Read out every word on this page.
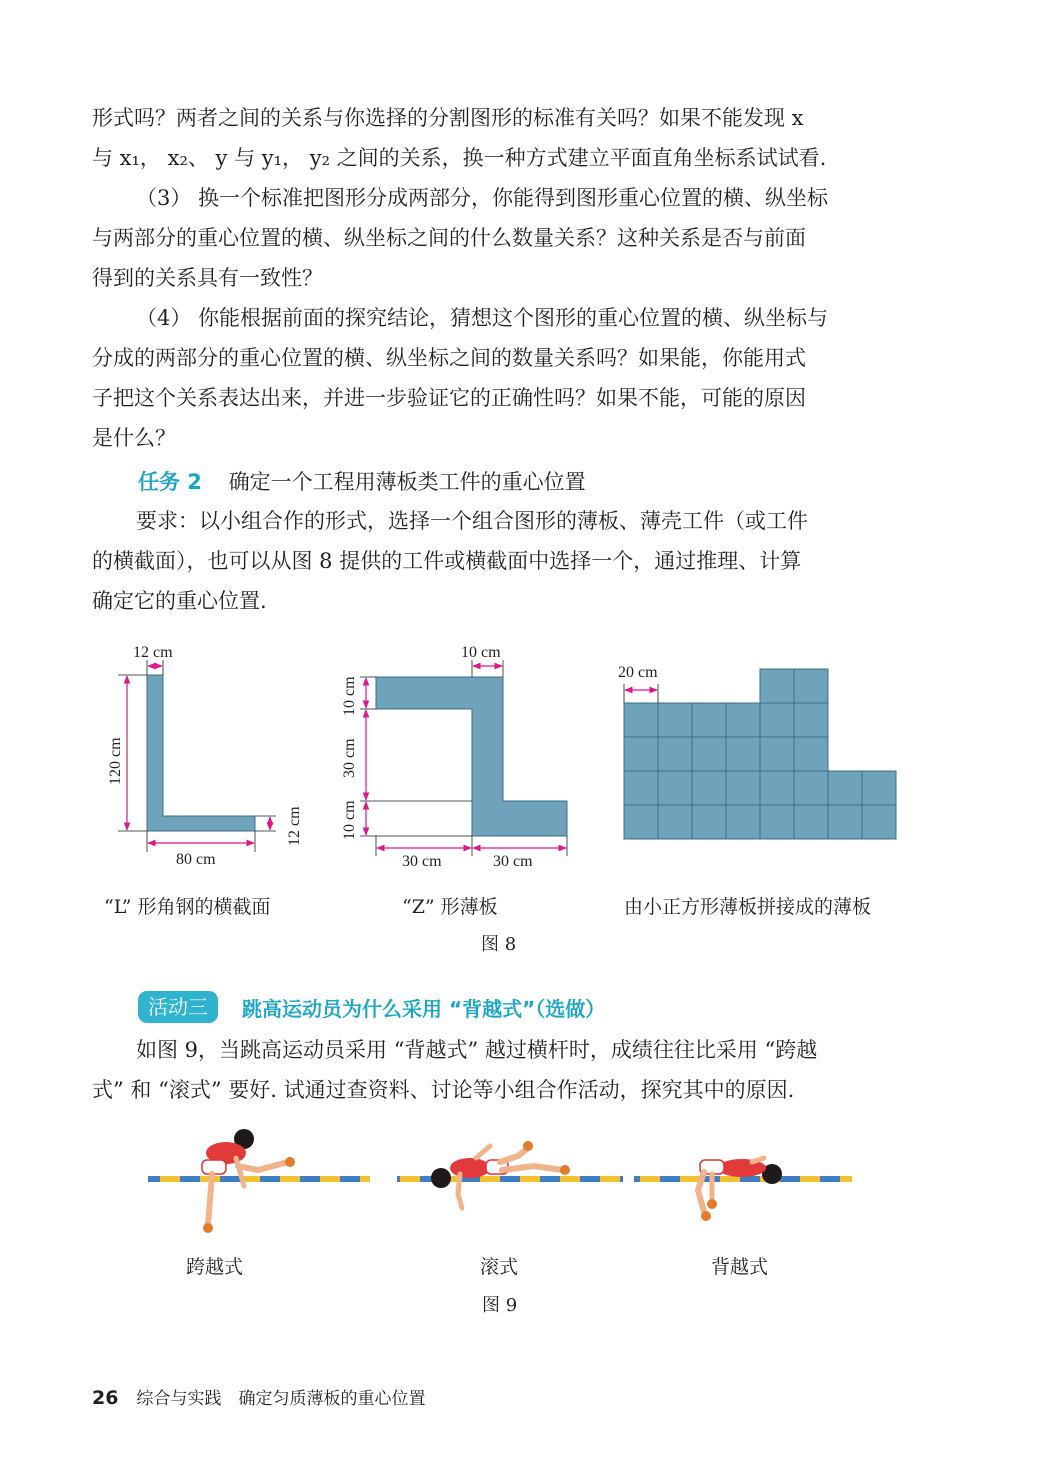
形式吗？两者之间的关系与你选择的分割图形的标准有关吗？如果不能发现 x
与 x₁， x₂、 y 与 y₁， y₂ 之间的关系，换一种方式建立平面直角坐标系试试看.
（3） 换一个标准把图形分成两部分，你能得到图形重心位置的横、纵坐标
与两部分的重心位置的横、纵坐标之间的什么数量关系？这种关系是否与前面
得到的关系具有一致性？
（4） 你能根据前面的探究结论，猜想这个图形的重心位置的横、纵坐标与
分成的两部分的重心位置的横、纵坐标之间的数量关系吗？如果能，你能用式
子把这个关系表达出来，并进一步验证它的正确性吗？如果不能，可能的原因
是什么？
任务 2 确定一个工程用薄板类工件的重心位置
要求：以小组合作的形式，选择一个组合图形的薄板、薄壳工件（或工件
的横截面），也可以从图 8 提供的工件或横截面中选择一个，通过推理、计算
确定它的重心位置.
12 cm
120 cm
80 cm
12 cm
10 cm
10 cm
30 cm
10 cm
30 cm	30 cm
20 cm
“L” 形角钢的横截面	“Z” 形薄板	由小正方形薄板拼接成的薄板
图 8
活动三	跳高运动员为什么采用 “背越式”（选做）
如图 9，当跳高运动员采用 “背越式” 越过横杆时，成绩往往比采用 “跨越
式” 和 “滚式” 要好. 试通过查资料、讨论等小组合作活动，探究其中的原因.
跨越式	滚式	背越式
图 9
26 综合与实践　确定匀质薄板的重心位置
